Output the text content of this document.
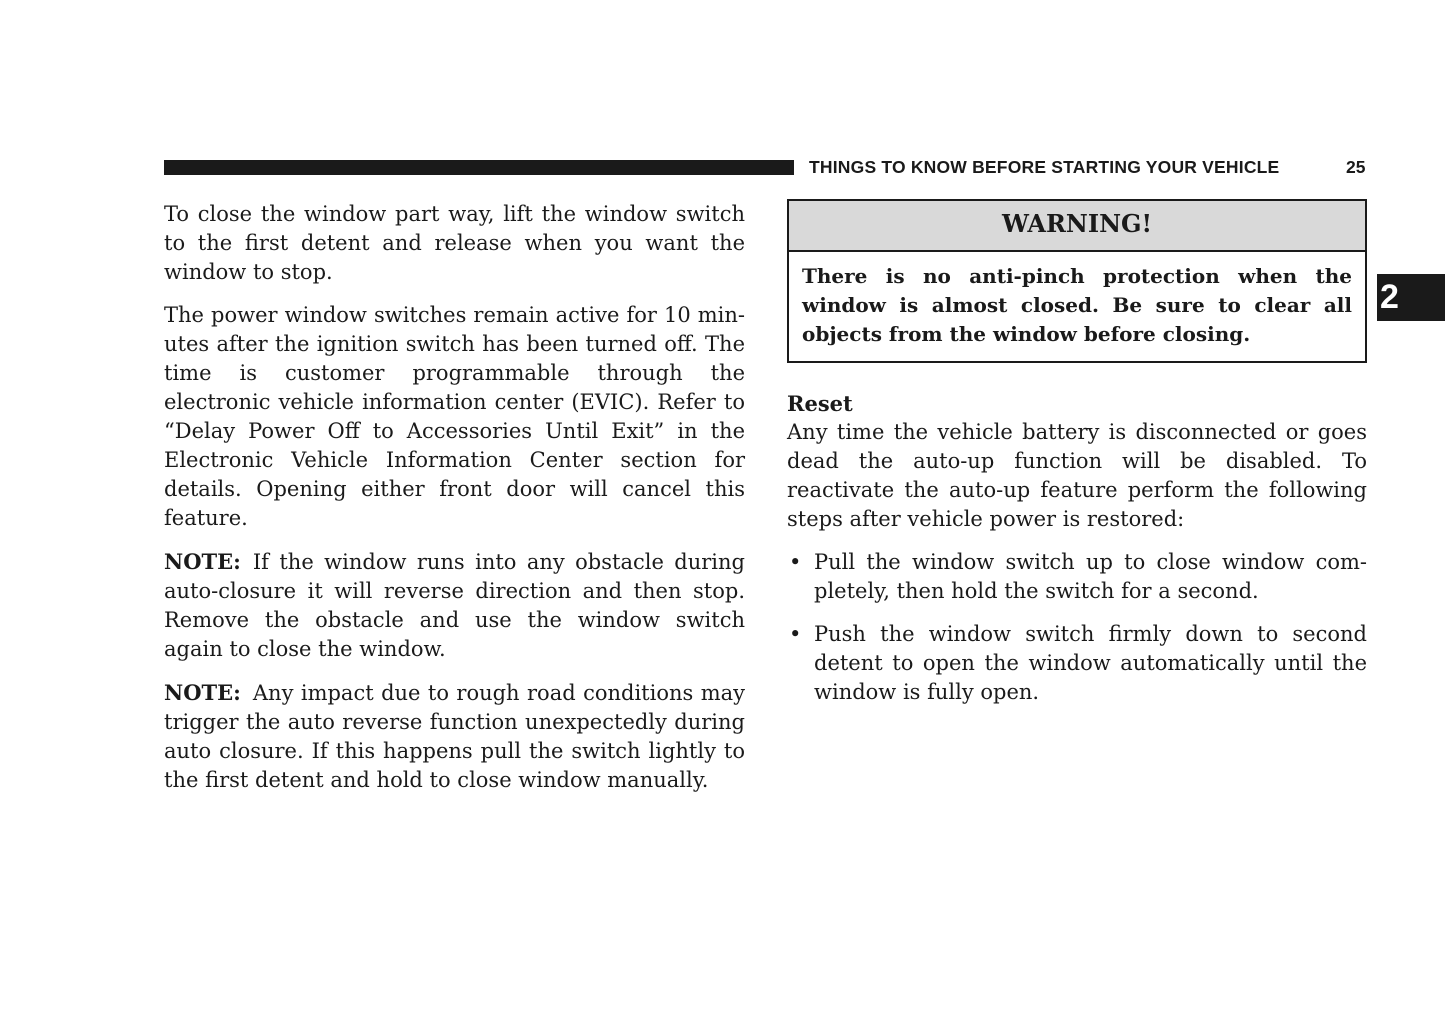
THINGS TO KNOW BEFORE STARTING YOUR VEHICLE	25
2

To close the window part way, lift the window switch to the first detent and release when you want the window to stop.

The power window switches remain active for 10 min-utes after the ignition switch has been turned off. The time is customer programmable through the electronic vehicle information center (EVIC). Refer to “Delay Power Off to Accessories Until Exit” in the Electronic Vehicle Information Center section for details. Opening either front door will cancel this feature.

NOTE: If the window runs into any obstacle during auto-closure it will reverse direction and then stop. Remove the obstacle and use the window switch again to close the window.

NOTE: Any impact due to rough road conditions may trigger the auto reverse function unexpectedly during auto closure. If this happens pull the switch lightly to the first detent and hold to close window manually.

WARNING!
There is no anti-pinch protection when the window is almost closed. Be sure to clear all objects from the window before closing.
Reset

Any time the vehicle battery is disconnected or goes dead the auto-up function will be disabled. To reactivate the auto-up feature perform the following steps after vehicle power is restored:

• Pull the window switch up to close window com-pletely, then hold the switch for a second.
• Push the window switch firmly down to second detent to open the window automatically until the window is fully open.
